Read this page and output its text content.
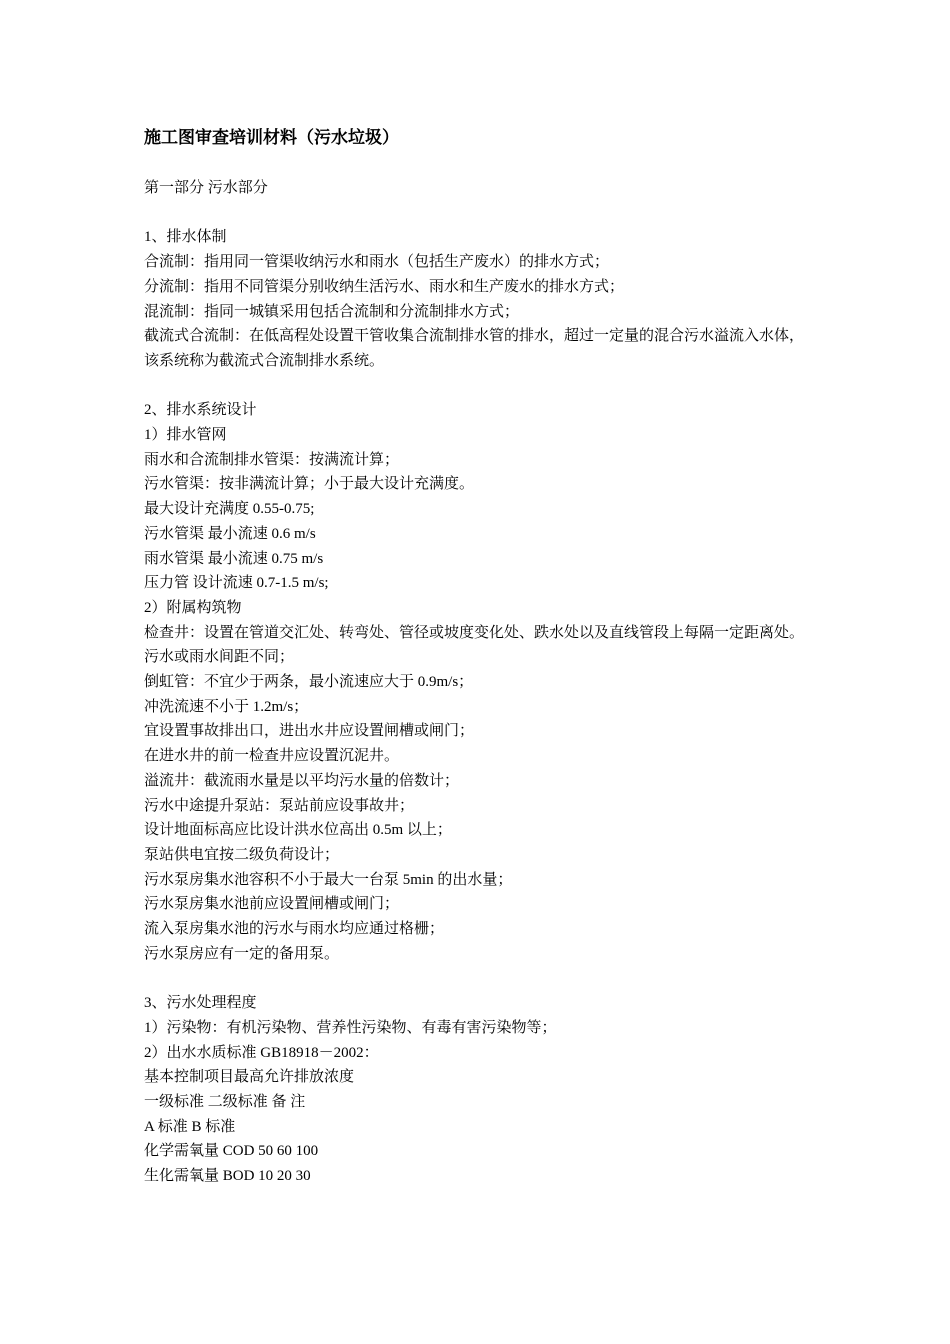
施工图审查培训材料（污水垃圾）

第一部分 污水部分

1、排水体制

合流制：指用同一管渠收纳污水和雨水（包括生产废水）的排水方式；

分流制：指用不同管渠分别收纳生活污水、雨水和生产废水的排水方式；

混流制：指同一城镇采用包括合流制和分流制排水方式；

截流式合流制：在低高程处设置干管收集合流制排水管的排水，超过一定量的混合污水溢流入水体，该系统称为截流式合流制排水系统。

2、排水系统设计

1）排水管网

雨水和合流制排水管渠：按满流计算；

污水管渠：按非满流计算；小于最大设计充满度。

最大设计充满度 0.55-0.75;

污水管渠 最小流速 0.6 m/s

雨水管渠 最小流速 0.75 m/s

压力管 设计流速 0.7-1.5 m/s;

2）附属构筑物

检查井：设置在管道交汇处、转弯处、管径或坡度变化处、跌水处以及直线管段上每隔一定距离处。

污水或雨水间距不同；

倒虹管：不宜少于两条，最小流速应大于 0.9m/s；

冲洗流速不小于 1.2m/s；

宜设置事故排出口，进出水井应设置闸槽或闸门；

在进水井的前一检查井应设置沉泥井。

溢流井：截流雨水量是以平均污水量的倍数计；

污水中途提升泵站：泵站前应设事故井；

设计地面标高应比设计洪水位高出 0.5m 以上；

泵站供电宜按二级负荷设计；

污水泵房集水池容积不小于最大一台泵 5min 的出水量；

污水泵房集水池前应设置闸槽或闸门；

流入泵房集水池的污水与雨水均应通过格栅；

污水泵房应有一定的备用泵。

3、污水处理程度

1）污染物：有机污染物、营养性污染物、有毒有害污染物等；

2）出水水质标准 GB18918－2002：

基本控制项目最高允许排放浓度

一级标准 二级标准 备 注

A 标准 B 标准

化学需氧量 COD 50 60 100

生化需氧量 BOD 10 20 30
